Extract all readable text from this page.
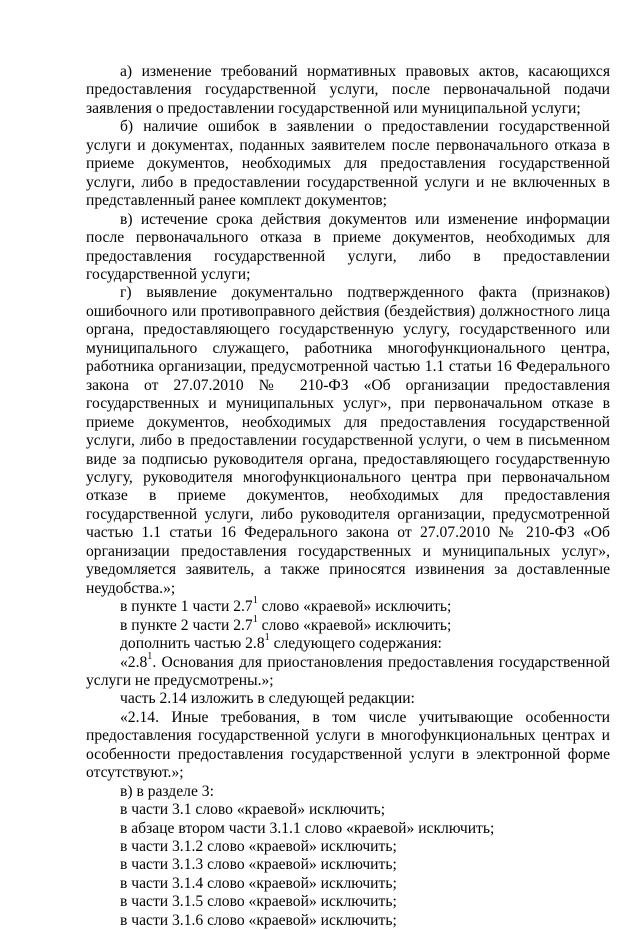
а) изменение требований нормативных правовых актов, касающихся предоставления государственной услуги, после первоначальной подачи заявления о предоставлении государственной или муниципальной услуги;

б) наличие ошибок в заявлении о предоставлении государственной услуги и документах, поданных заявителем после первоначального отказа в приеме документов, необходимых для предоставления государственной услуги, либо в предоставлении государственной услуги и не включенных в представленный ранее комплект документов;

в) истечение срока действия документов или изменение информации после первоначального отказа в приеме документов, необходимых для предоставления государственной услуги, либо в предоставлении государственной услуги;

г) выявление документально подтвержденного факта (признаков) ошибочного или противоправного действия (бездействия) должностного лица органа, предоставляющего государственную услугу, государственного или муниципального служащего, работника многофункционального центра, работника организации, предусмотренной частью 1.1 статьи 16 Федерального закона от 27.07.2010 № 210-ФЗ «Об организации предоставления государственных и муниципальных услуг», при первоначальном отказе в приеме документов, необходимых для предоставления государственной услуги, либо в предоставлении государственной услуги, о чем в письменном виде за подписью руководителя органа, предоставляющего государственную услугу, руководителя многофункционального центра при первоначальном отказе в приеме документов, необходимых для предоставления государственной услуги, либо руководителя организации, предусмотренной частью 1.1 статьи 16 Федерального закона от 27.07.2010 № 210-ФЗ «Об организации предоставления государственных и муниципальных услуг», уведомляется заявитель, а также приносятся извинения за доставленные неудобства.»;

в пункте 1 части $2.7^1$ слово «краевой» исключить;

в пункте 2 части $2.7^1$ слово «краевой» исключить;

дополнить частью $2.8^1$ следующего содержания:

«$2.8^1$. Основания для приостановления предоставления государственной услуги не предусмотрены.»;

часть 2.14 изложить в следующей редакции:

«2.14. Иные требования, в том числе учитывающие особенности предоставления государственной услуги в многофункциональных центрах и особенности предоставления государственной услуги в электронной форме отсутствуют.»;

в) в разделе 3:

в части 3.1 слово «краевой» исключить;

в абзаце втором части 3.1.1 слово «краевой» исключить;

в части 3.1.2 слово «краевой» исключить;

в части 3.1.3 слово «краевой» исключить;

в части 3.1.4 слово «краевой» исключить;

в части 3.1.5 слово «краевой» исключить;

в части 3.1.6 слово «краевой» исключить;
